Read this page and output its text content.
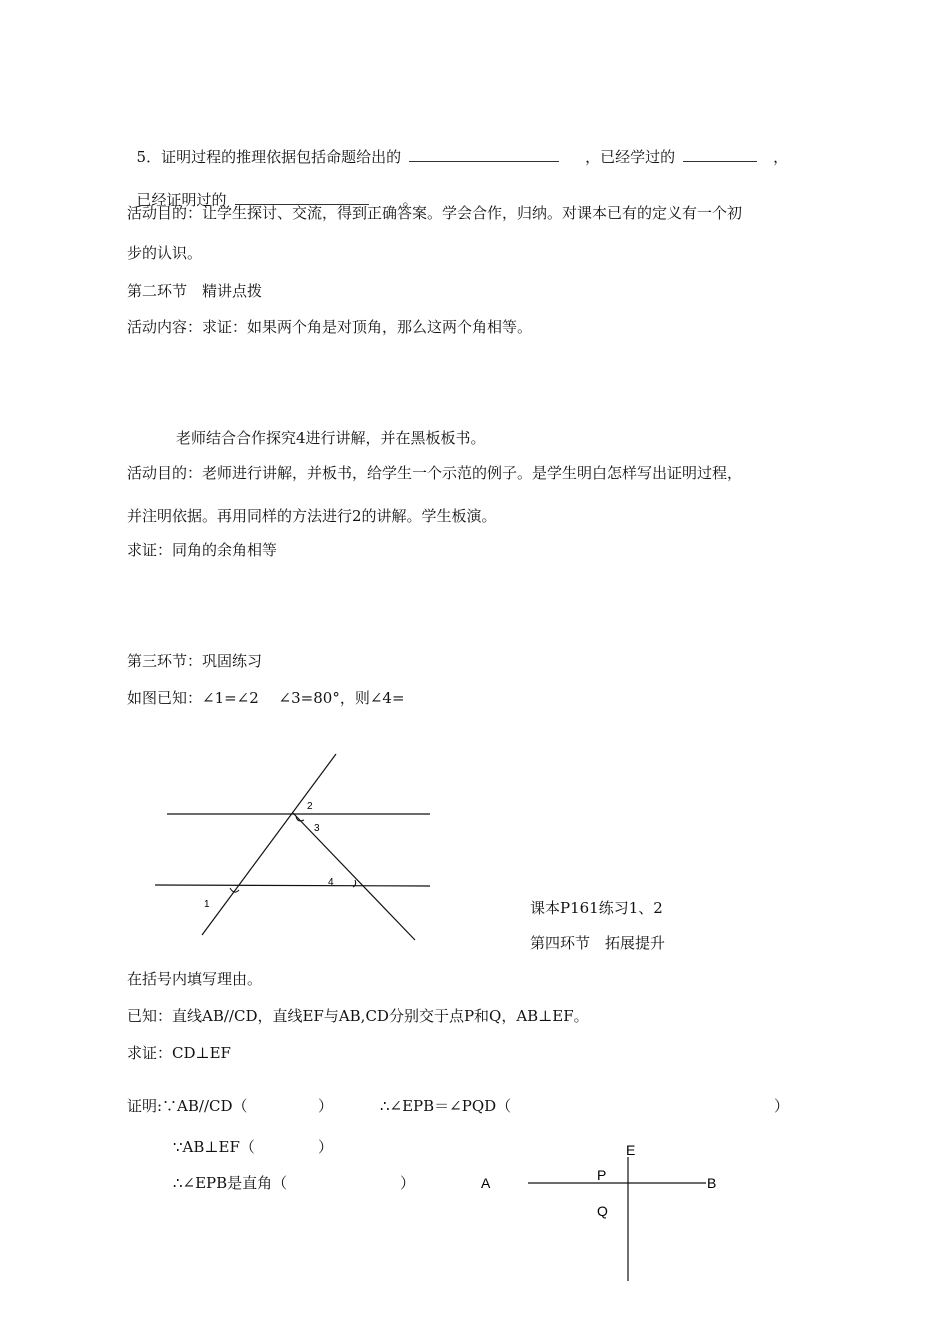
5．证明过程的推理依据包括命题给出的	，已经学过的	，

已经证明过的	。

活动目的：让学生探讨、交流，得到正确答案。学会合作，归纳。对课本已有的定义有一个初
步的认识。
第二环节　精讲点拨
活动内容：求证：如果两个角是对顶角，那么这两个角相等。
老师结合合作探究4进行讲解，并在黑板板书。
活动目的：老师进行讲解，并板书，给学生一个示范的例子。是学生明白怎样写出证明过程，
并注明依据。再用同样的方法进行2的讲解。学生板演。
求证：同角的余角相等
第三环节：巩固练习
如图已知：∠1=∠2　 ∠3=80°，则∠4=
1
2
3
4
课本P161练习1、2
第四环节　拓展提升
在括号内填写理由。
已知：直线AB//CD，直线EF与AB,CD分别交于点P和Q，AB⊥EF。
求证：CD⊥EF
证明:∵AB//CD（	）	∴∠EPB＝∠PQD（	）
∵AB⊥EF（	）
∴∠EPB是直角（	）
E
P
A	B
Q
